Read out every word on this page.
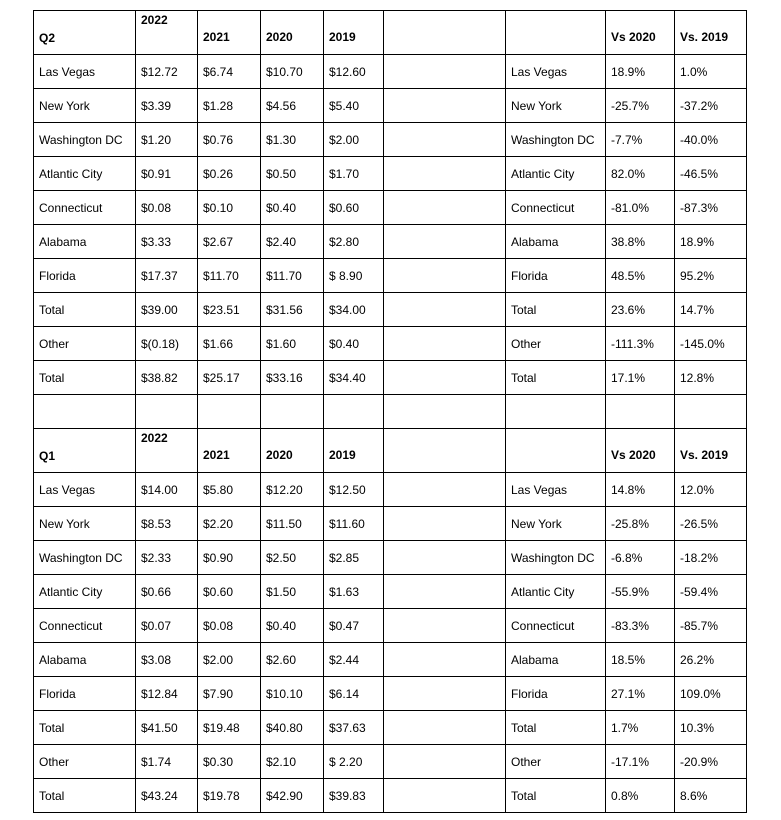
Q2	2022	2021	2020	2019			Vs 2020	Vs. 2019
Las Vegas	$12.72	$6.74	$10.70	$12.60		Las Vegas	18.9%	1.0%
New York	$3.39	$1.28	$4.56	$5.40		New York	-25.7%	-37.2%
Washington DC	$1.20	$0.76	$1.30	$2.00		Washington DC	-7.7%	-40.0%
Atlantic City	$0.91	$0.26	$0.50	$1.70		Atlantic City	82.0%	-46.5%
Connecticut	$0.08	$0.10	$0.40	$0.60		Connecticut	-81.0%	-87.3%
Alabama	$3.33	$2.67	$2.40	$2.80		Alabama	38.8%	18.9%
Florida	$17.37	$11.70	$11.70	$ 8.90		Florida	48.5%	95.2%
Total	$39.00	$23.51	$31.56	$34.00		Total	23.6%	14.7%
Other	$(0.18)	$1.66	$1.60	$0.40		Other	-111.3%	-145.0%
Total	$38.82	$25.17	$33.16	$34.40		Total	17.1%	12.8%

Q1	2022	2021	2020	2019			Vs 2020	Vs. 2019
Las Vegas	$14.00	$5.80	$12.20	$12.50		Las Vegas	14.8%	12.0%
New York	$8.53	$2.20	$11.50	$11.60		New York	-25.8%	-26.5%
Washington DC	$2.33	$0.90	$2.50	$2.85		Washington DC	-6.8%	-18.2%
Atlantic City	$0.66	$0.60	$1.50	$1.63		Atlantic City	-55.9%	-59.4%
Connecticut	$0.07	$0.08	$0.40	$0.47		Connecticut	-83.3%	-85.7%
Alabama	$3.08	$2.00	$2.60	$2.44		Alabama	18.5%	26.2%
Florida	$12.84	$7.90	$10.10	$6.14		Florida	27.1%	109.0%
Total	$41.50	$19.48	$40.80	$37.63		Total	1.7%	10.3%
Other	$1.74	$0.30	$2.10	$ 2.20		Other	-17.1%	-20.9%
Total	$43.24	$19.78	$42.90	$39.83		Total	0.8%	8.6%
